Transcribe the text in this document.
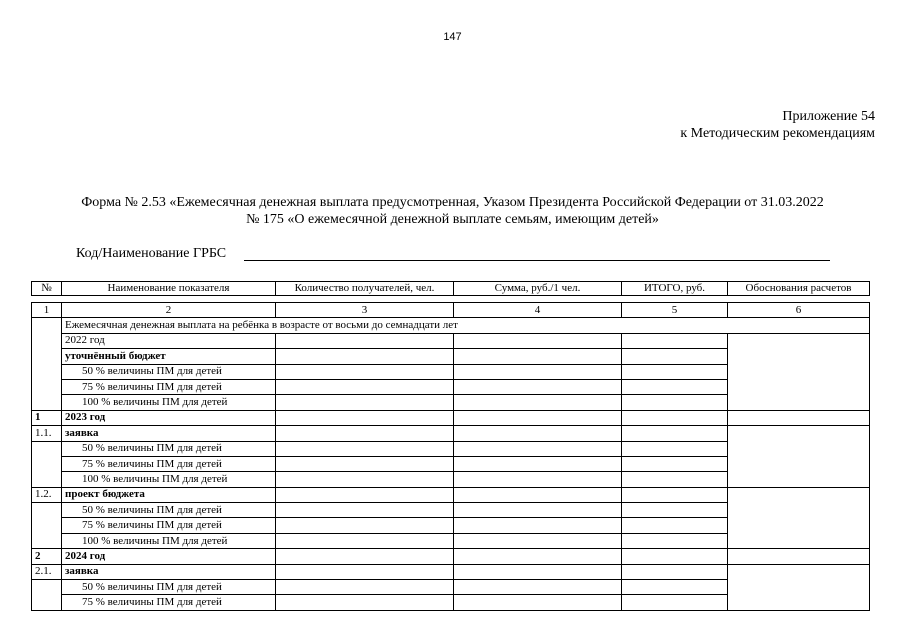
147
Приложение 54
к Методическим рекомендациям
Форма № 2.53 «Ежемесячная денежная выплата предусмотренная, Указом Президента Российской Федерации от 31.03.2022
№ 175 «О ежемесячной денежной выплате семьям, имеющим детей»
Код/Наименование ГРБС
№	Наименование показателя	Количество получателей, чел.	Сумма, руб./1 чел.	ИТОГО, руб.	Обоснования расчетов
1	2	3	4	5	6
	Ежемесячная денежная выплата на ребёнка в возрасте от восьми до семнадцати лет				
	2022 год				
	уточнённый бюджет				
	50 % величины ПМ для детей				
	75 % величины ПМ для детей				
	100 % величины ПМ для детей				
1	2023 год				
1.1.	заявка				
	50 % величины ПМ для детей				
	75 % величины ПМ для детей				
	100 % величины ПМ для детей				
1.2.	проект бюджета				
	50 % величины ПМ для детей				
	75 % величины ПМ для детей				
	100 % величины ПМ для детей				
2	2024 год				
2.1.	заявка				
	50 % величины ПМ для детей				
	75 % величины ПМ для детей				
